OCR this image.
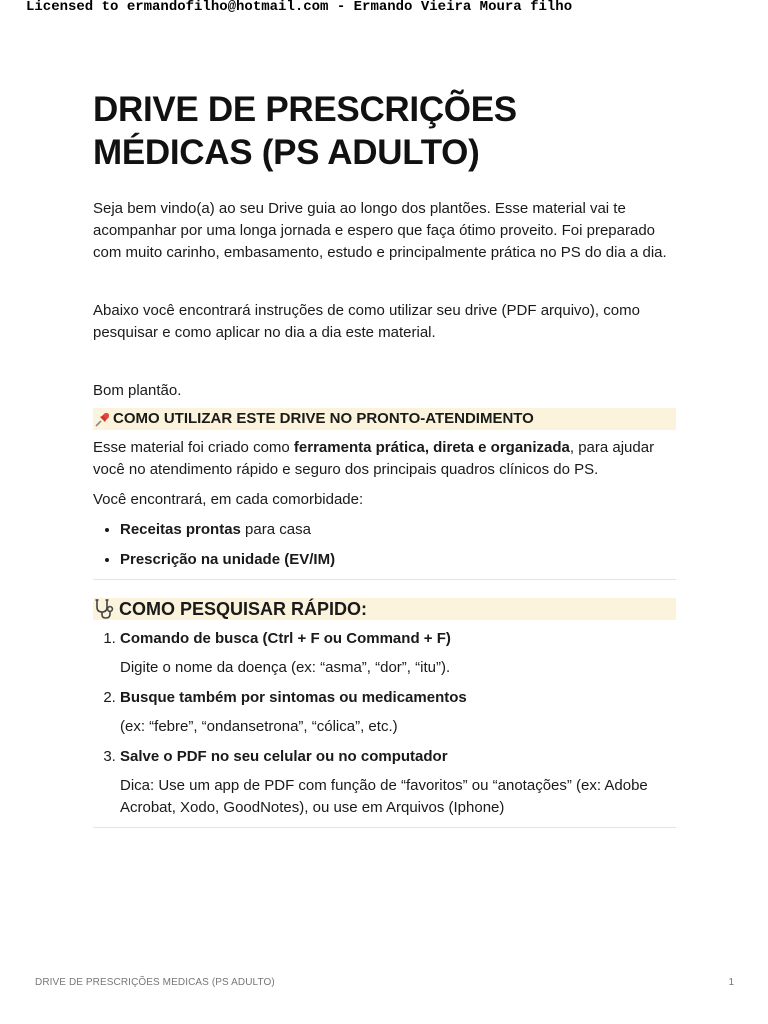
Licensed to ermandofilho@hotmail.com - Ermando Vieira Moura filho
DRIVE DE PRESCRIÇÕES MÉDICAS (PS ADULTO)

Seja bem vindo(a) ao seu Drive guia ao longo dos plantões. Esse material vai te acompanhar por uma longa jornada e espero que faça ótimo proveito. Foi preparado com muito carinho, embasamento, estudo e principalmente prática no PS do dia a dia.

Abaixo você encontrará instruções de como utilizar seu drive (PDF arquivo), como pesquisar e como aplicar no dia a dia este material.

Bom plantão.

COMO UTILIZAR ESTE DRIVE NO PRONTO-ATENDIMENTO

Esse material foi criado como ferramenta prática, direta e organizada, para ajudar você no atendimento rápido e seguro dos principais quadros clínicos do PS.

Você encontrará, em cada comorbidade:

• Receitas prontas para casa
• Prescrição na unidade (EV/IM)
COMO PESQUISAR RÁPIDO:
1. Comando de busca (Ctrl + F ou Command + F)
Digite o nome da doença (ex: “asma”, “dor”, “itu”).
2. Busque também por sintomas ou medicamentos
(ex: “febre”, “ondansetrona”, “cólica”, etc.)
3. Salve o PDF no seu celular ou no computador
Dica: Use um app de PDF com função de “favoritos” ou “anotações” (ex: Adobe Acrobat, Xodo, GoodNotes), ou use em Arquivos (Iphone)
DRIVE DE PRESCRIÇÕES MEDICAS (PS ADULTO)	1
